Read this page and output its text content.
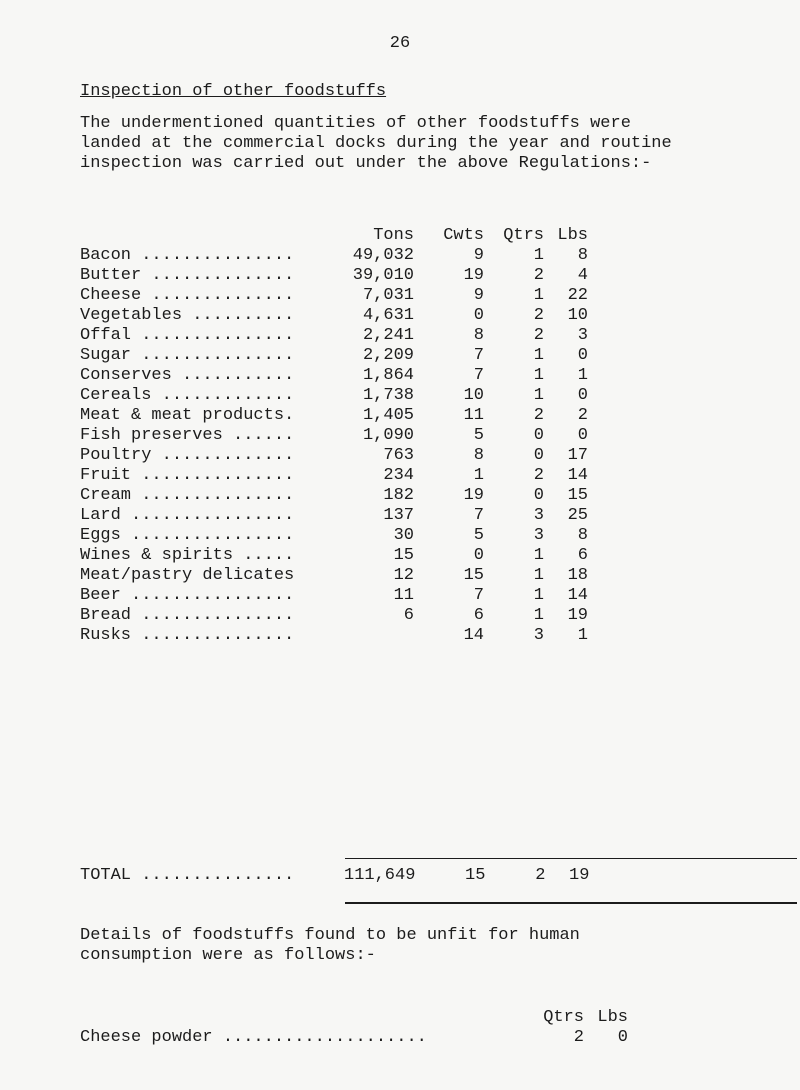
26
Inspection of other foodstuffs

The undermentioned quantities of other foodstuffs were

landed at the commercial docks during the year and routine

inspection was carried out under the above Regulations:-

	Tons	Cwts	Qtrs	Lbs
Bacon ...............	49,032	9	1	8
Butter ..............	39,010	19	2	4
Cheese ..............	7,031	9	1	22
Vegetables ..........	4,631	0	2	10
Offal ...............	2,241	8	2	3
Sugar ...............	2,209	7	1	0
Conserves ...........	1,864	7	1	1
Cereals .............	1,738	10	1	0
Meat & meat products.	1,405	11	2	2
Fish preserves ......	1,090	5	0	0
Poultry .............	763	8	0	17
Fruit ...............	234	1	2	14
Cream ...............	182	19	0	15
Lard ................	137	7	3	25
Eggs ................	30	5	3	8
Wines & spirits .....	15	0	1	6
Meat/pastry delicates	12	15	1	18
Beer ................	11	7	1	14
Bread ...............	6	6	1	19
Rusks ...............		14	3	1
TOTAL ...............	111,649	15	2	19

Details of foodstuffs found to be unfit for human

consumption were as follows:-

	Qtrs	Lbs
Cheese powder ....................	2	0
